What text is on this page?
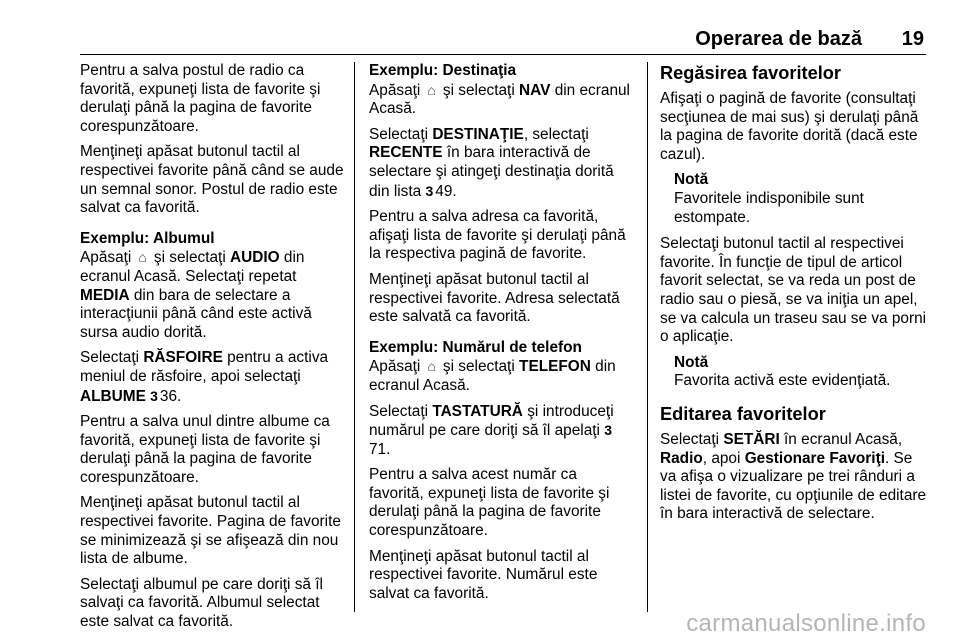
Operarea de bază 19

Pentru a salva postul de radio ca favorită, expuneţi lista de favorite şi derulaţi până la pagina de favorite corespunzătoare.

Menţineţi apăsat butonul tactil al respectivei favorite până când se aude un semnal sonor. Postul de radio este salvat ca favorită.

Exemplu: Albumul

Apăsaţi ⌂ şi selectaţi AUDIO din ecranul Acasă. Selectaţi repetat MEDIA din bara de selectare a interacţiunii până când este activă sursa audio dorită.

Selectaţi RĂSFOIRE pentru a activa meniul de răsfoire, apoi selectaţi ALBUME 3 36.

Pentru a salva unul dintre albume ca favorită, expuneţi lista de favorite şi derulaţi până la pagina de favorite corespunzătoare.

Menţineţi apăsat butonul tactil al respectivei favorite. Pagina de favorite se minimizează şi se afişează din nou lista de albume.

Selectaţi albumul pe care doriţi să îl salvaţi ca favorită. Albumul selectat este salvat ca favorită.

Exemplu: Destinaţia

Apăsaţi ⌂ şi selectaţi NAV din ecranul Acasă.

Selectaţi DESTINAŢIE, selectaţi RECENTE în bara interactivă de selectare şi atingeţi destinaţia dorită din lista 3 49.

Pentru a salva adresa ca favorită, afişaţi lista de favorite şi derulaţi până la respectiva pagină de favorite.

Menţineţi apăsat butonul tactil al respectivei favorite. Adresa selectată este salvată ca favorită.

Exemplu: Numărul de telefon

Apăsaţi ⌂ şi selectaţi TELEFON din ecranul Acasă.

Selectaţi TASTATURĂ şi introduceţi numărul pe care doriţi să îl apelaţi 371.

Pentru a salva acest număr ca favorită, expuneţi lista de favorite şi derulaţi până la pagina de favorite corespunzătoare.

Menţineţi apăsat butonul tactil al respectivei favorite. Numărul este salvat ca favorită.

Regăsirea favoritelor

Afişaţi o pagină de favorite (consultaţi secţiunea de mai sus) şi derulaţi până la pagina de favorite dorită (dacă este cazul).

Notă
Favoritele indisponibile sunt estompate.

Selectaţi butonul tactil al respectivei favorite. În funcţie de tipul de articol favorit selectat, se va reda un post de radio sau o piesă, se va iniţia un apel, se va calcula un traseu sau se va porni o aplicaţie.

Notă
Favorita activă este evidenţiată.
Editarea favoritelor

Selectaţi SETĂRI în ecranul Acasă, Radio, apoi Gestionare Favoriţi. Se va afişa o vizualizare pe trei rânduri a listei de favorite, cu opţiunile de editare în bara interactivă de selectare.

carmanualsonline.info
